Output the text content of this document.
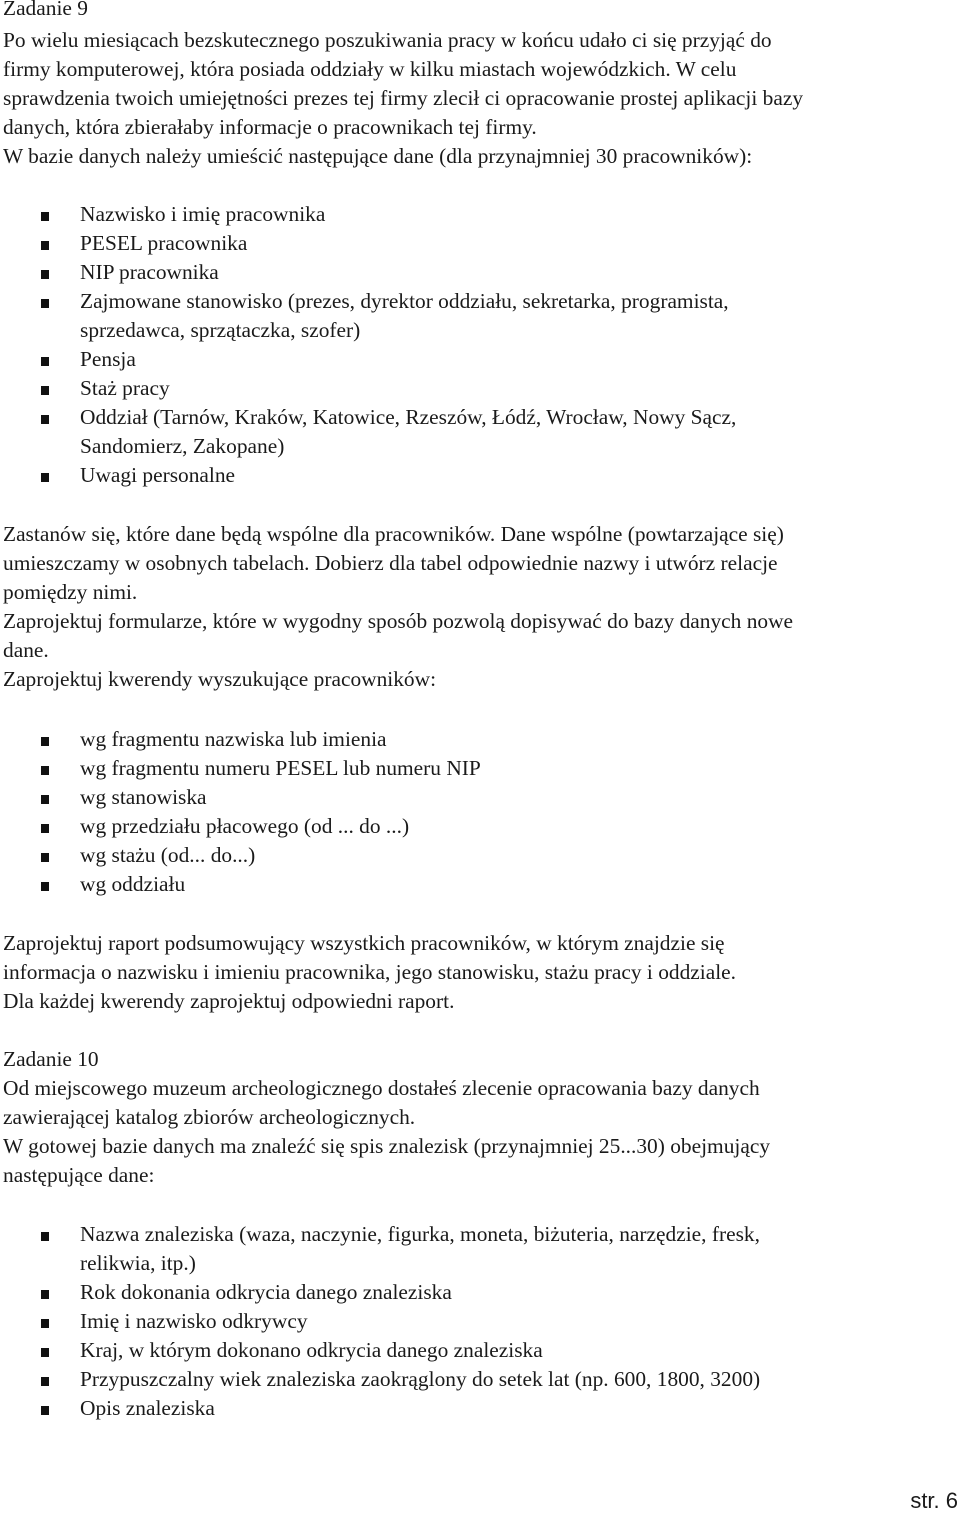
Zadanie 9
Po wielu miesiącach bezskutecznego poszukiwania pracy w końcu udało ci się przyjąć do
firmy komputerowej, która posiada oddziały w kilku miastach wojewódzkich. W celu
sprawdzenia twoich umiejętności prezes tej firmy zlecił ci opracowanie prostej aplikacji bazy
danych, która zbierałaby informacje o pracownikach tej firmy.
W bazie danych należy umieścić następujące dane (dla przynajmniej 30 pracowników):
Nazwisko i imię pracownika
PESEL pracownika
NIP pracownika
Zajmowane stanowisko (prezes, dyrektor oddziału, sekretarka, programista,
sprzedawca, sprzątaczka, szofer)
Pensja
Staż pracy
Oddział (Tarnów, Kraków, Katowice, Rzeszów, Łódź, Wrocław, Nowy Sącz,
Sandomierz, Zakopane)
Uwagi personalne
Zastanów się, które dane będą wspólne dla pracowników. Dane wspólne (powtarzające się)
umieszczamy w osobnych tabelach. Dobierz dla tabel odpowiednie nazwy i utwórz relacje
pomiędzy nimi.
Zaprojektuj formularze, które w wygodny sposób pozwolą dopisywać do bazy danych nowe
dane.
Zaprojektuj kwerendy wyszukujące pracowników:
wg fragmentu nazwiska lub imienia
wg fragmentu numeru PESEL lub numeru NIP
wg stanowiska
wg przedziału płacowego (od ... do ...)
wg stażu (od... do...)
wg oddziału
Zaprojektuj raport podsumowujący wszystkich pracowników, w którym znajdzie się
informacja o nazwisku i imieniu pracownika, jego stanowisku, stażu pracy i oddziale.
Dla każdej kwerendy zaprojektuj odpowiedni raport.
Zadanie 10
Od miejscowego muzeum archeologicznego dostałeś zlecenie opracowania bazy danych
zawierającej katalog zbiorów archeologicznych.
W gotowej bazie danych ma znaleźć się spis znalezisk (przynajmniej 25...30) obejmujący
następujące dane:
Nazwa znaleziska (waza, naczynie, figurka, moneta, biżuteria, narzędzie, fresk,
relikwia, itp.)
Rok dokonania odkrycia danego znaleziska
Imię i nazwisko odkrywcy
Kraj, w którym dokonano odkrycia danego znaleziska
Przypuszczalny wiek znaleziska zaokrąglony do setek lat (np. 600, 1800, 3200)
Opis znaleziska
str. 6
